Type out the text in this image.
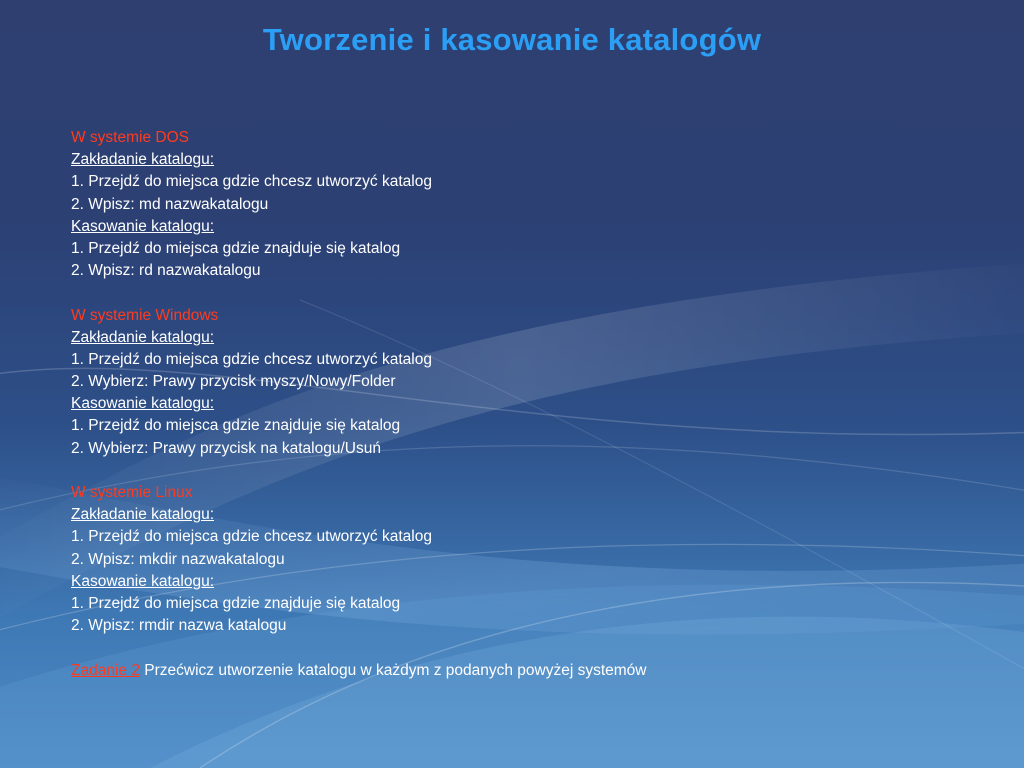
Tworzenie i kasowanie katalogów
W systemie DOS
Zakładanie katalogu:
1. Przejdź do miejsca gdzie chcesz utworzyć katalog
2. Wpisz: md nazwakatalogu
Kasowanie katalogu:
1. Przejdź do miejsca gdzie znajduje się katalog
2. Wpisz: rd nazwakatalogu
W systemie Windows
Zakładanie katalogu:
1. Przejdź do miejsca gdzie chcesz utworzyć katalog
2. Wybierz: Prawy przycisk myszy/Nowy/Folder
Kasowanie katalogu:
1. Przejdź do miejsca gdzie znajduje się katalog
2. Wybierz: Prawy przycisk na katalogu/Usuń
W systemie Linux
Zakładanie katalogu:
1. Przejdź do miejsca gdzie chcesz utworzyć katalog
2. Wpisz: mkdir nazwakatalogu
Kasowanie katalogu:
1. Przejdź do miejsca gdzie znajduje się katalog
2. Wpisz: rmdir nazwa katalogu
Zadanie 2 Przećwicz utworzenie katalogu w każdym z podanych powyżej systemów
